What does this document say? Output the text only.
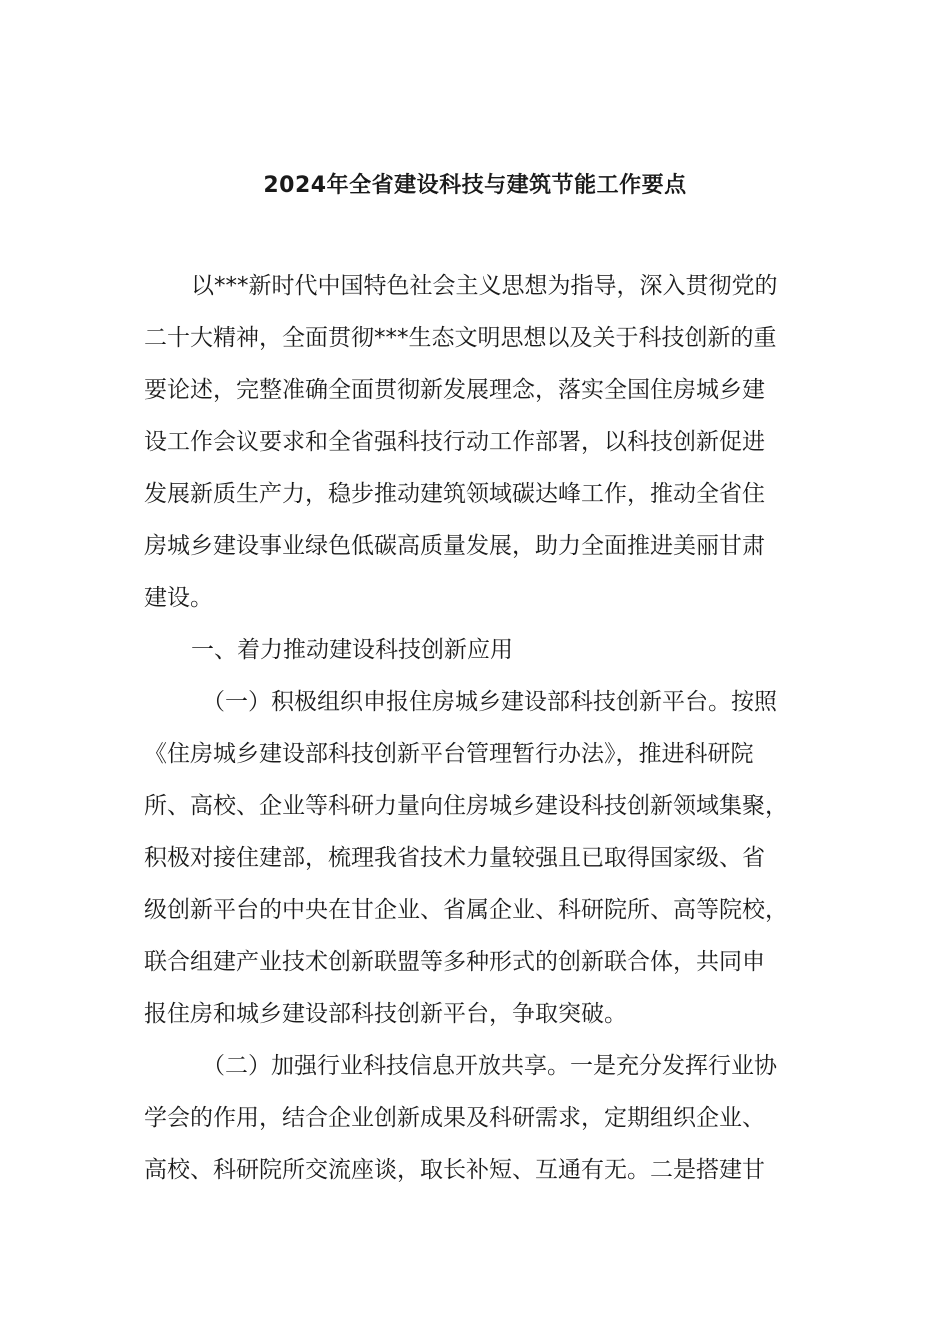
2024年全省建设科技与建筑节能工作要点
以***新时代中国特色社会主义思想为指导，深入贯彻党的
二十大精神，全面贯彻***生态文明思想以及关于科技创新的重
要论述，完整准确全面贯彻新发展理念，落实全国住房城乡建
设工作会议要求和全省强科技行动工作部署，以科技创新促进
发展新质生产力，稳步推动建筑领域碳达峰工作，推动全省住
房城乡建设事业绿色低碳高质量发展，助力全面推进美丽甘肃
建设。
一、着力推动建设科技创新应用
（一）积极组织申报住房城乡建设部科技创新平台。按照
《住房城乡建设部科技创新平台管理暂行办法》，推进科研院
所、高校、企业等科研力量向住房城乡建设科技创新领域集聚，
积极对接住建部，梳理我省技术力量较强且已取得国家级、省
级创新平台的中央在甘企业、省属企业、科研院所、高等院校，
联合组建产业技术创新联盟等多种形式的创新联合体，共同申
报住房和城乡建设部科技创新平台，争取突破。
（二）加强行业科技信息开放共享。一是充分发挥行业协
学会的作用，结合企业创新成果及科研需求，定期组织企业、
高校、科研院所交流座谈，取长补短、互通有无。二是搭建甘
